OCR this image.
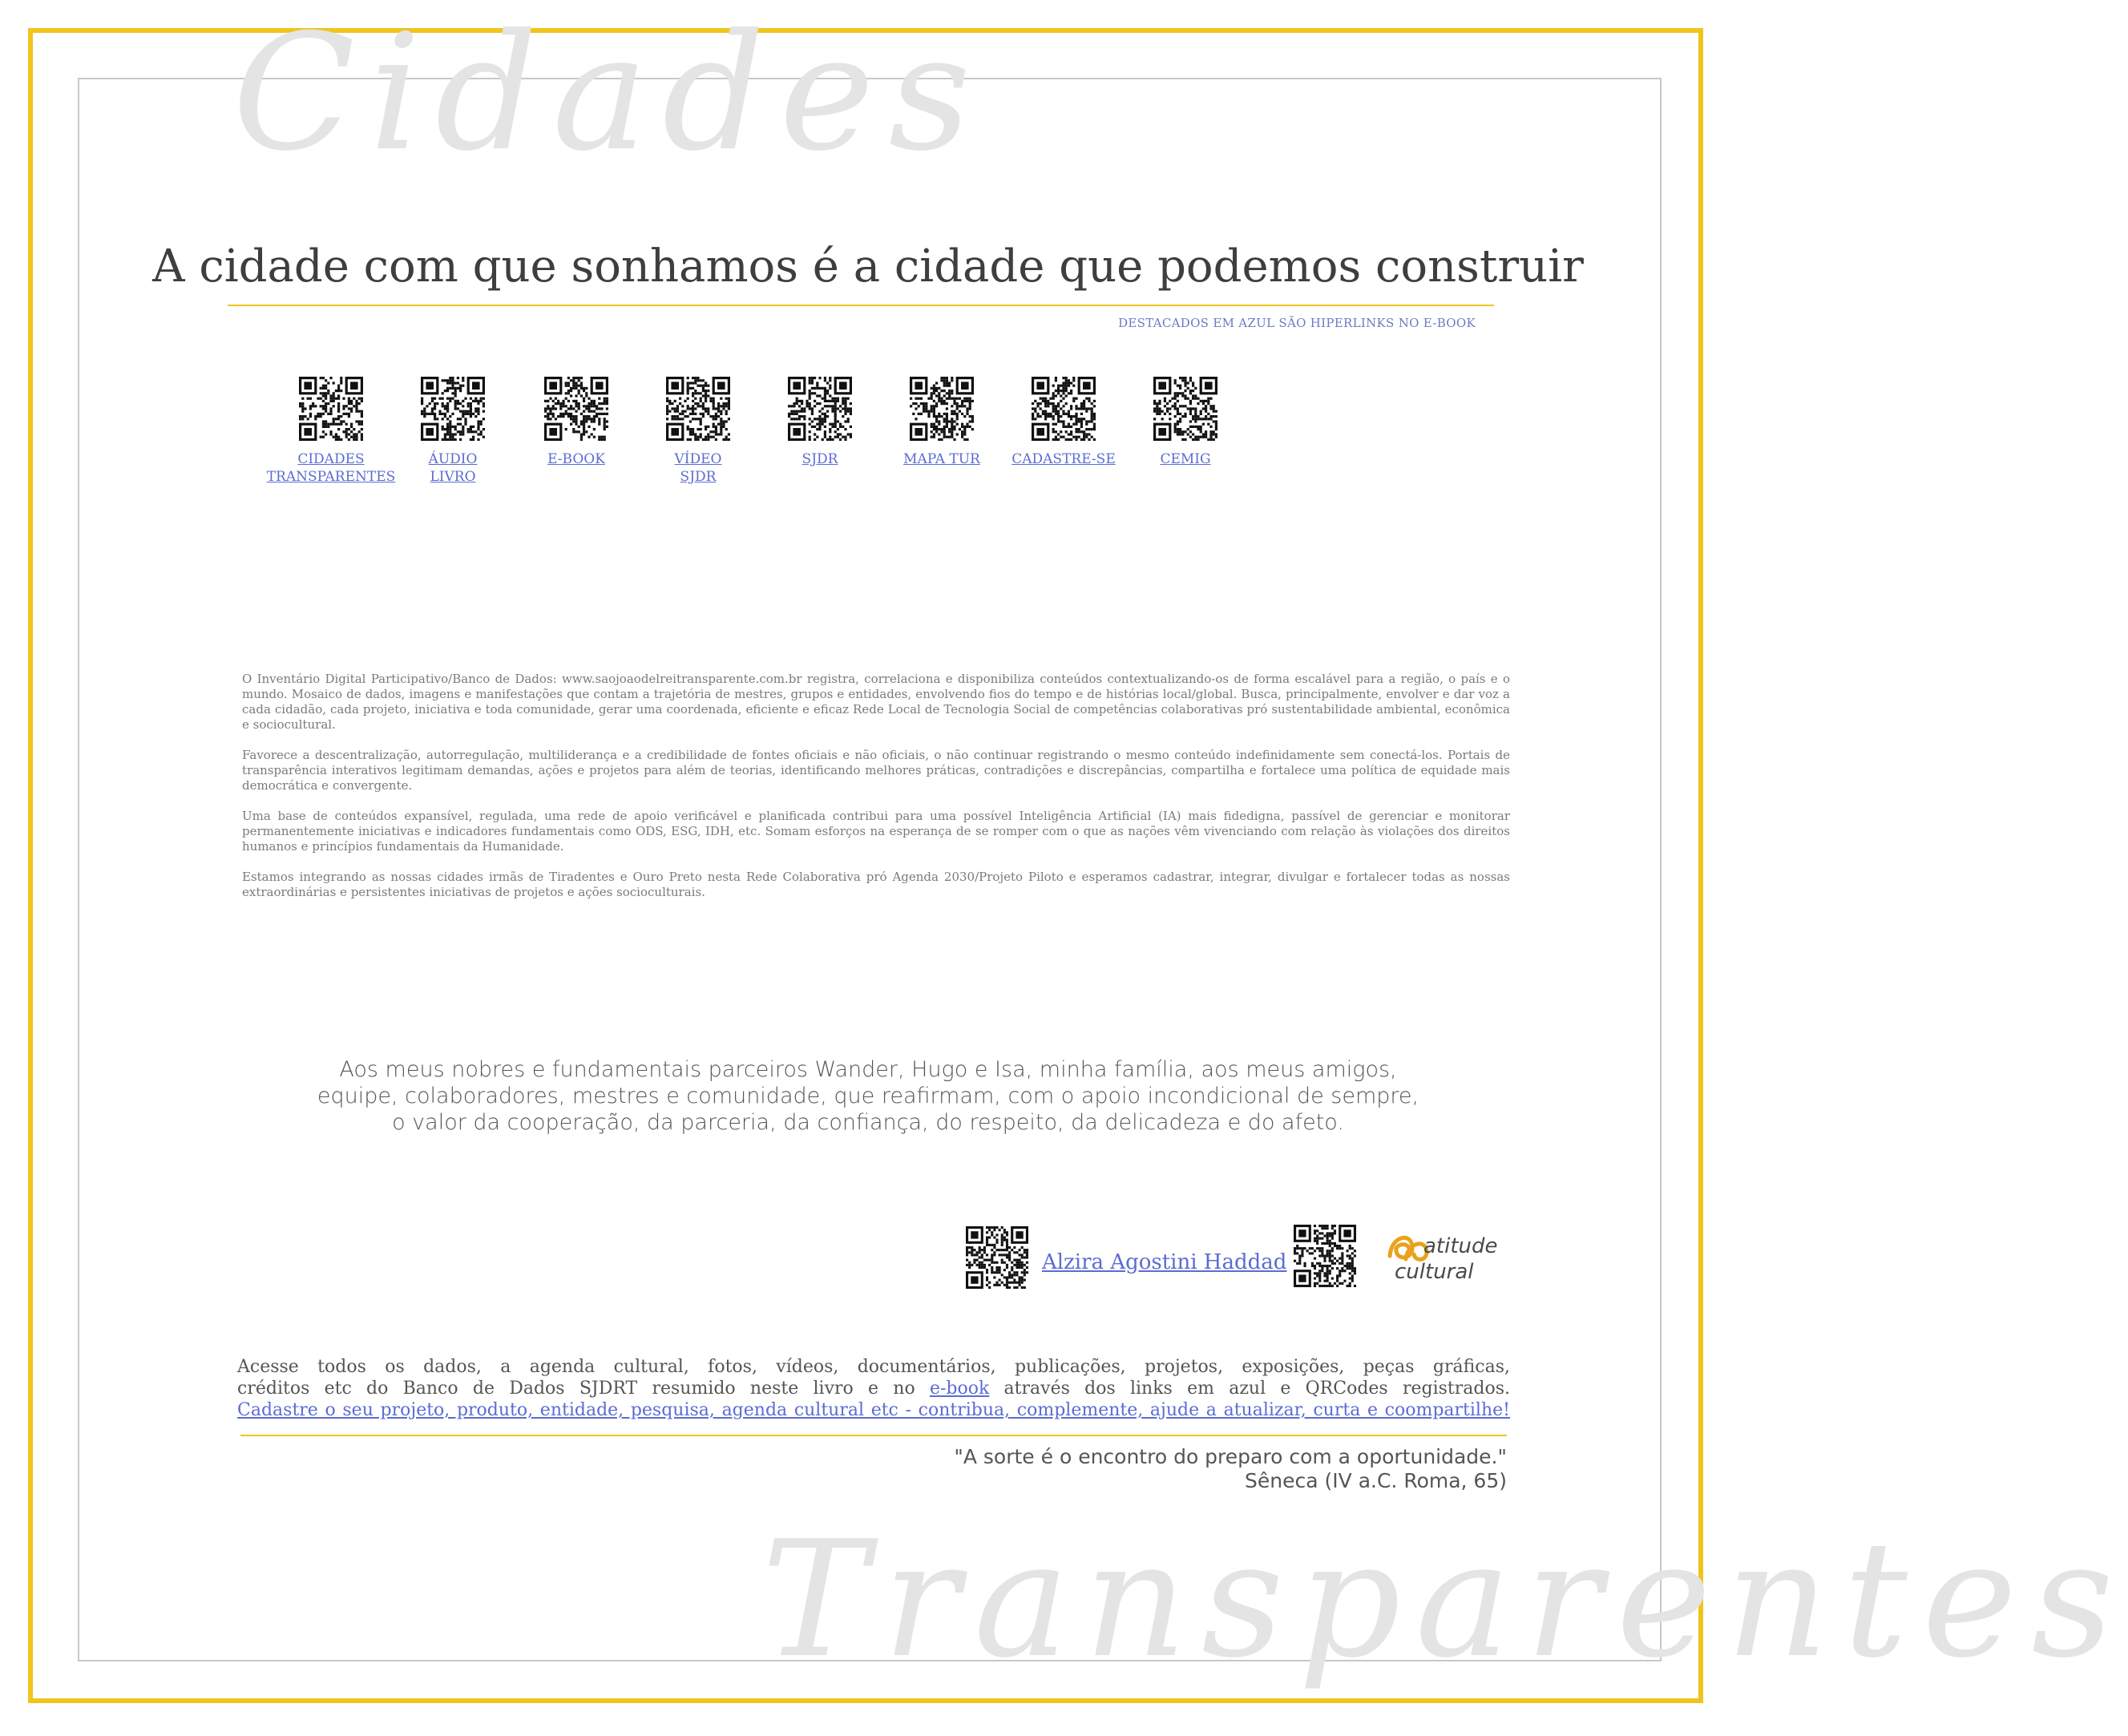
Cidades
Transparentes
A cidade com que sonhamos é a cidade que podemos construir
DESTACADOS EM AZUL SÃO HIPERLINKS NO E-BOOK
CIDADES
TRANSPARENTES
ÁUDIO
LIVRO
E-BOOK	VÍDEO
SJDR
SJDR	MAPA TUR	CADASTRE-SE	CEMIG

O Inventário Digital Participativo/Banco de Dados: www.saojoaodelreitransparente.com.br registra, correlaciona e disponibiliza conteúdos contextualizando-os de forma escalável para a região, o país e o mundo. Mosaico de dados, imagens e manifestações que contam a trajetória de mestres, grupos e entidades, envolvendo fios do tempo e de histórias local/global. Busca, principalmente, envolver e dar voz a cada cidadão, cada projeto, iniciativa e toda comunidade, gerar uma coordenada, eficiente e eficaz Rede Local de Tecnologia Social de competências colaborativas pró sustentabilidade ambiental, econômica e sociocultural.

Favorece a descentralização, autorregulação, multiliderança e a credibilidade de fontes oficiais e não oficiais, o não continuar registrando o mesmo conteúdo indefinidamente sem conectá-los. Portais de transparência interativos legitimam demandas, ações e projetos para além de teorias, identificando melhores práticas, contradições e discrepâncias, compartilha e fortalece uma política de equidade mais democrática e convergente.

Uma base de conteúdos expansível, regulada, uma rede de apoio verificável e planificada contribui para uma possível Inteligência Artificial (IA) mais fidedigna, passível de gerenciar e monitorar permanentemente iniciativas e indicadores fundamentais como ODS, ESG, IDH, etc. Somam esforços na esperança de se romper com o que as nações vêm vivenciando com relação às violações dos direitos humanos e princípios fundamentais da Humanidade.

Estamos integrando as nossas cidades irmãs de Tiradentes e Ouro Preto nesta Rede Colaborativa pró Agenda 2030/Projeto Piloto e esperamos cadastrar, integrar, divulgar e fortalecer todas as nossas extraordinárias e persistentes iniciativas de projetos e ações socioculturais.

Aos meus nobres e fundamentais parceiros Wander, Hugo e Isa, minha família, aos meus amigos,
equipe, colaboradores, mestres e comunidade, que reafirmam, com o apoio incondicional de sempre,
o valor da cooperação, da parceria, da confiança, do respeito, da delicadeza e do afeto.
Alzira Agostini Haddad
atitude
cultural
Acesse todos os dados, a agenda cultural, fotos, vídeos, documentários, publicações, projetos, exposições, peças gráficas,
créditos etc do Banco de Dados SJDRT resumido neste livro e no e-book através dos links em azul e QRCodes registrados.
Cadastre o seu projeto, produto, entidade, pesquisa, agenda cultural etc - contribua, complemente, ajude a atualizar, curta e coompartilhe!
"A sorte é o encontro do preparo com a oportunidade."
Sêneca (IV a.C. Roma, 65)
